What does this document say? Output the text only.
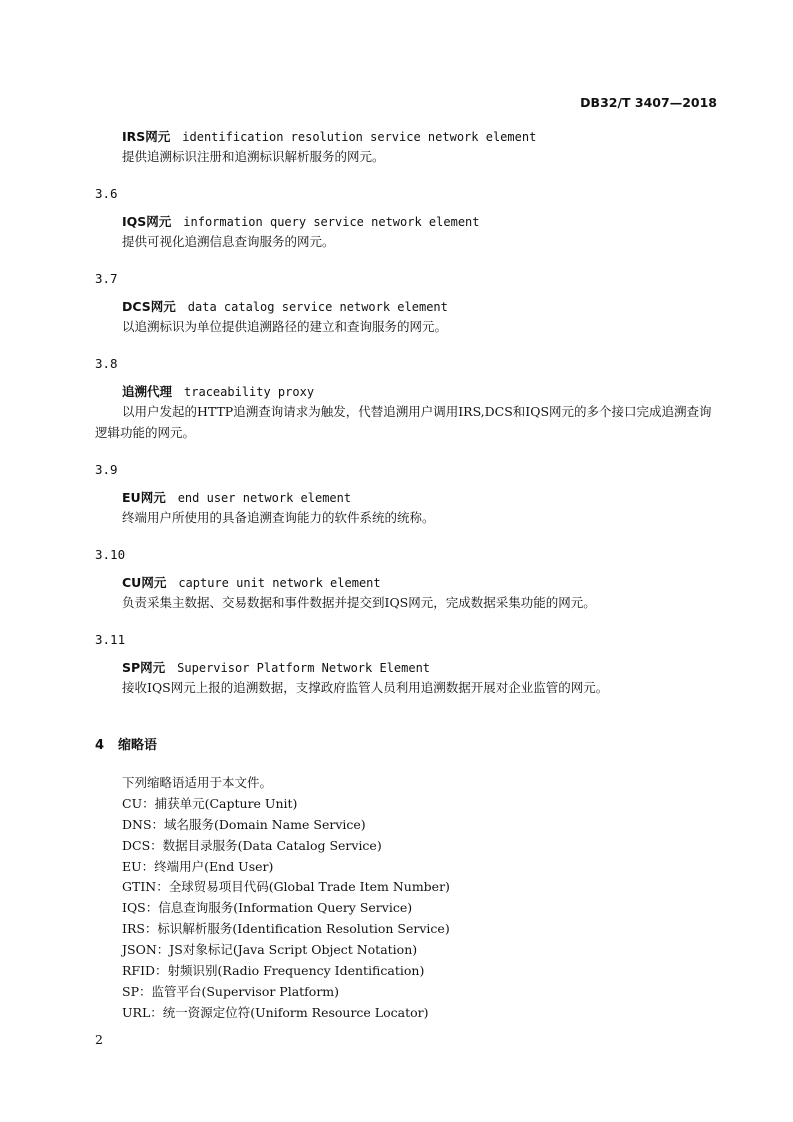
DB32/T 3407—2018
IRS网元 identification resolution service network element

提供追溯标识注册和追溯标识解析服务的网元。

3.6
IQS网元 information query service network element

提供可视化追溯信息查询服务的网元。

3.7
DCS网元 data catalog service network element

以追溯标识为单位提供追溯路径的建立和查询服务的网元。

3.8
追溯代理 traceability proxy

以用户发起的HTTP追溯查询请求为触发，代替追溯用户调用IRS,DCS和IQS网元的多个接口完成追溯查询逻辑功能的网元。

3.9
EU网元 end user network element

终端用户所使用的具备追溯查询能力的软件系统的统称。

3.10
CU网元 capture unit network element

负责采集主数据、交易数据和事件数据并提交到IQS网元，完成数据采集功能的网元。

3.11
SP网元 Supervisor Platform Network Element

接收IQS网元上报的追溯数据，支撑政府监管人员利用追溯数据开展对企业监管的网元。

4 缩略语
下列缩略语适用于本文件。
CU：捕获单元(Capture Unit)
DNS：域名服务(Domain Name Service)
DCS：数据目录服务(Data Catalog Service)
EU：终端用户(End User)
GTIN：全球贸易项目代码(Global Trade Item Number)
IQS：信息查询服务(Information Query Service)
IRS：标识解析服务(Identification Resolution Service)
JSON：JS对象标记(Java Script Object Notation)
RFID：射频识别(Radio Frequency Identification)
SP：监管平台(Supervisor Platform)
URL：统一资源定位符(Uniform Resource Locator)
2
